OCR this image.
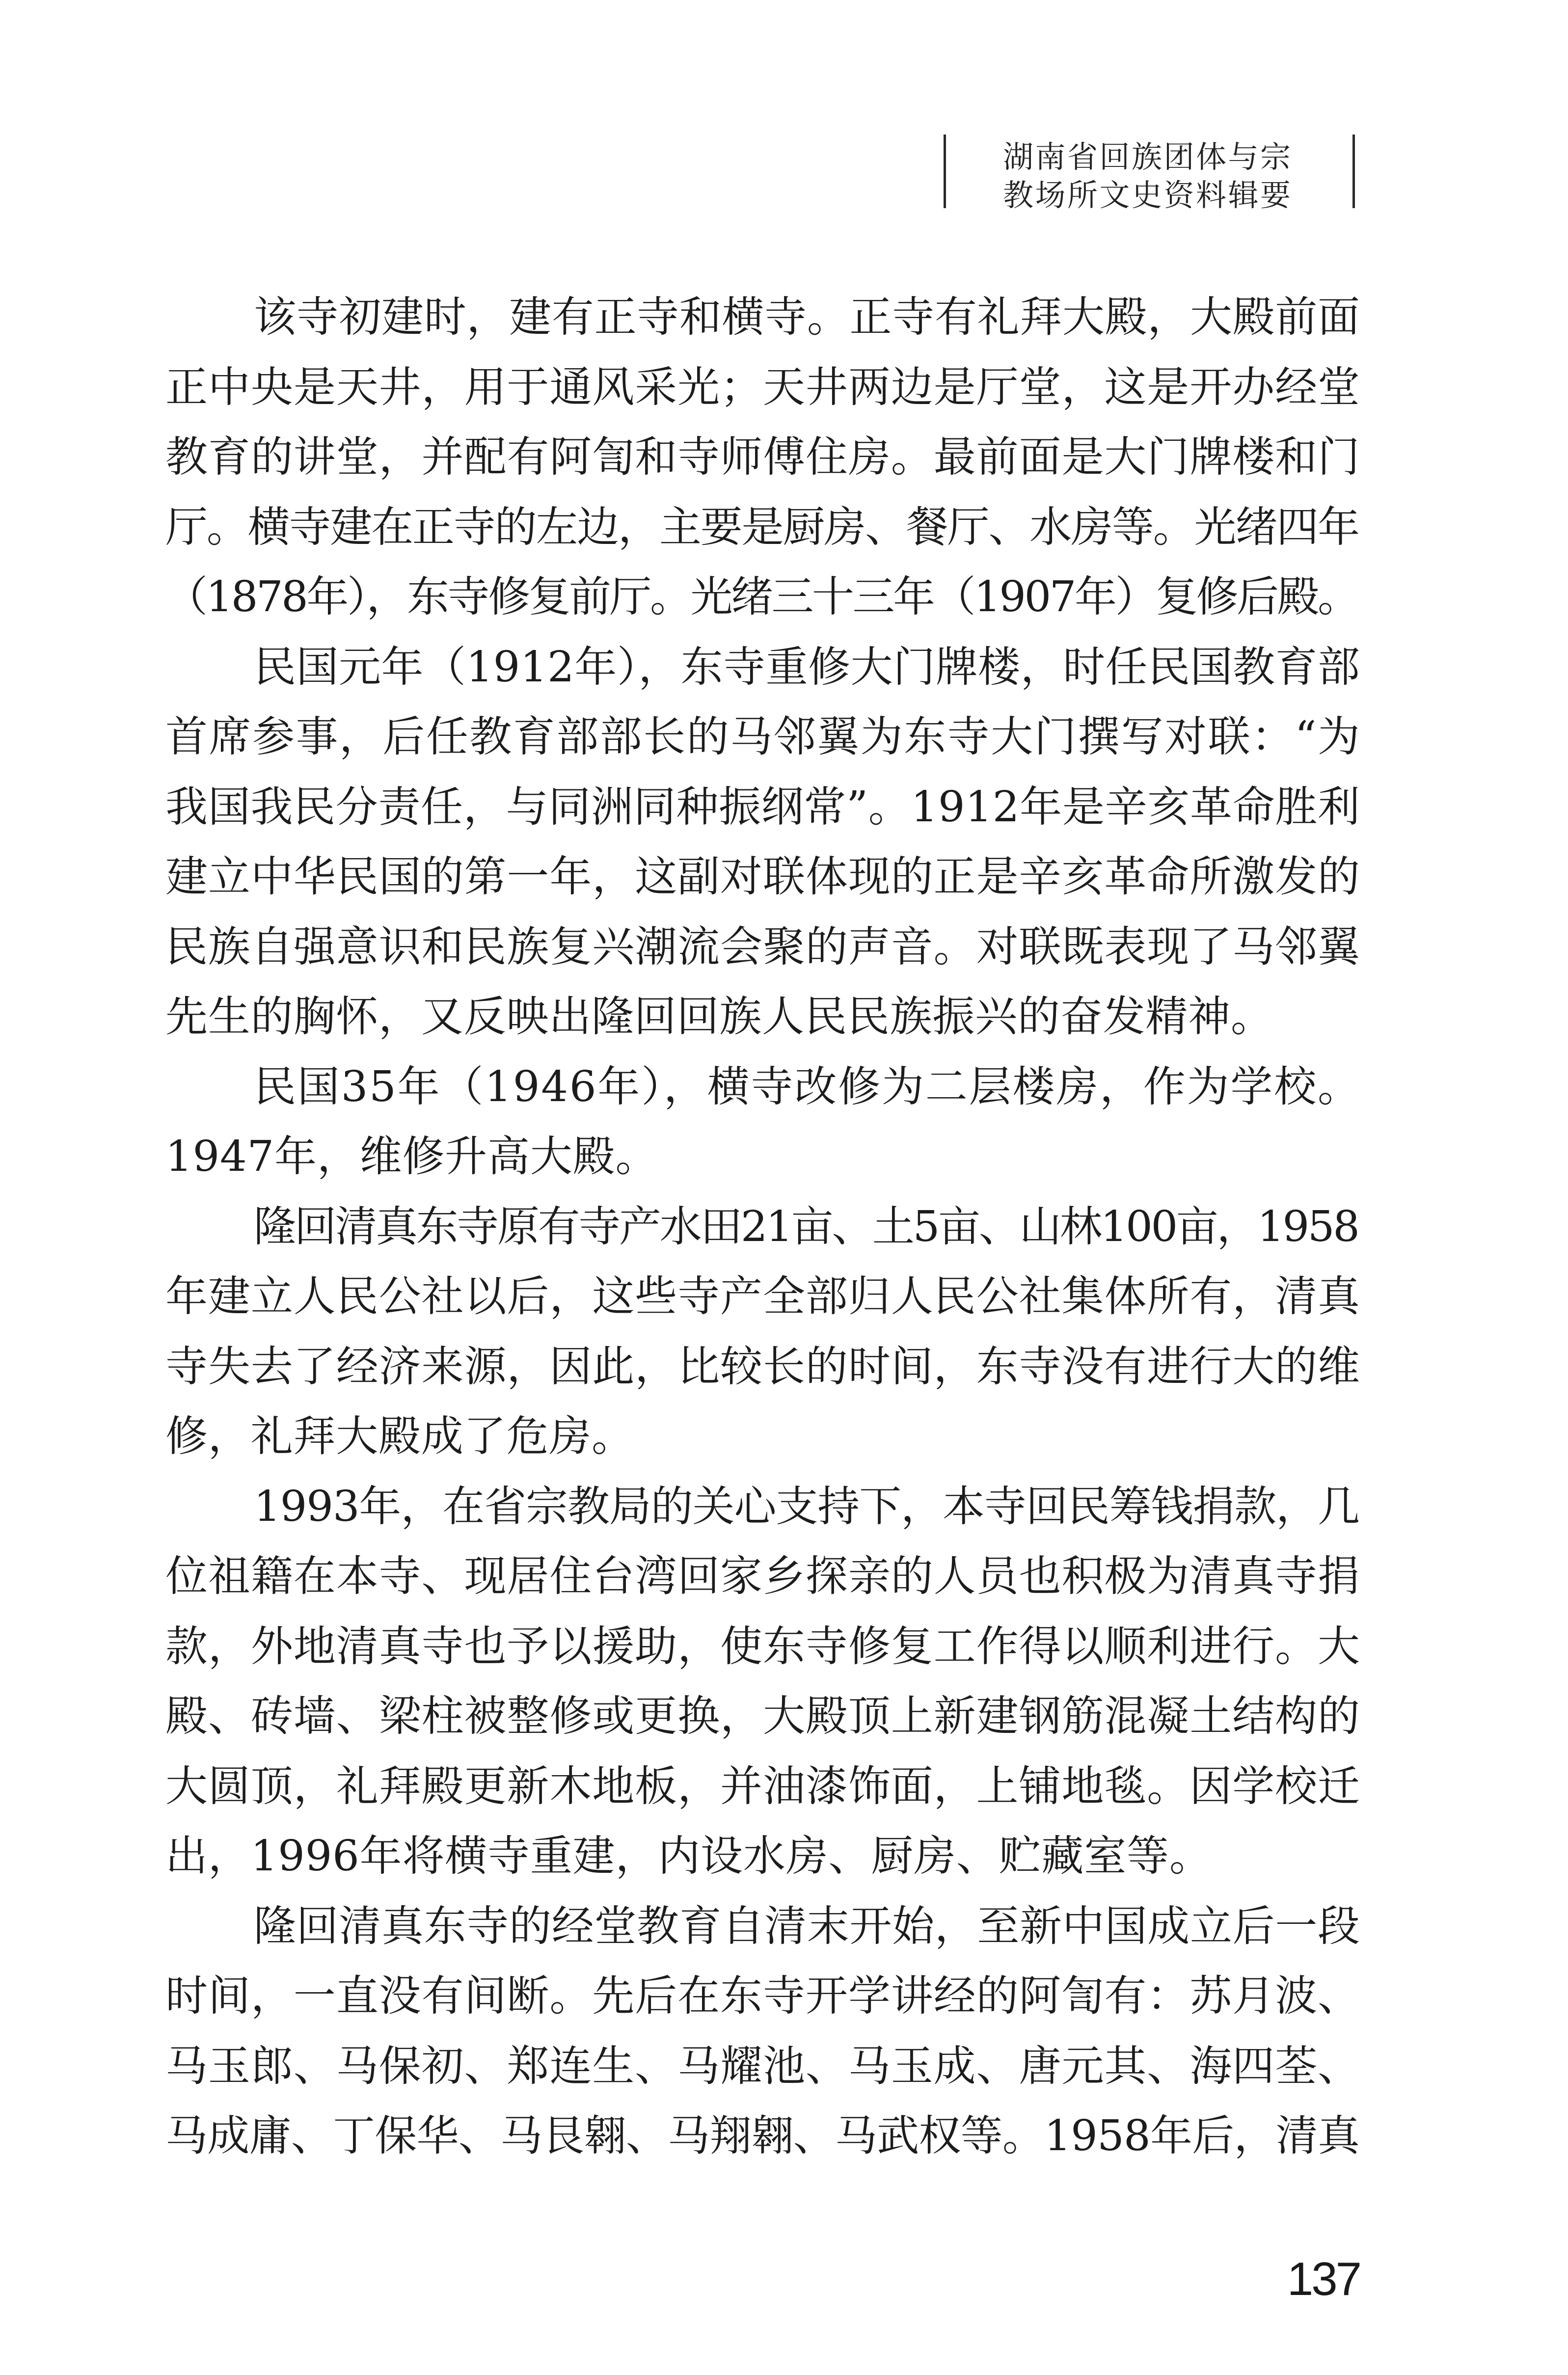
湖南省回族团体与宗
教场所文史资料辑要
该寺初建时，建有正寺和横寺。正寺有礼拜大殿，大殿前面
正中央是天井，用于通风采光；天井两边是厅堂，这是开办经堂
教育的讲堂，并配有阿訇和寺师傅住房。最前面是大门牌楼和门
厅。横寺建在正寺的左边，主要是厨房、餐厅、水房等。光绪四年
（1878年），东寺修复前厅。光绪三十三年（1907年）复修后殿。
民国元年（1912年），东寺重修大门牌楼，时任民国教育部
首席参事，后任教育部部长的马邻翼为东寺大门撰写对联：“为
我国我民分责任，与同洲同种振纲常”。1912年是辛亥革命胜利
建立中华民国的第一年，这副对联体现的正是辛亥革命所激发的
民族自强意识和民族复兴潮流会聚的声音。对联既表现了马邻翼
先生的胸怀，又反映出隆回回族人民民族振兴的奋发精神。
民国35年（1946年），横寺改修为二层楼房，作为学校。
1947年，维修升高大殿。
隆回清真东寺原有寺产水田21亩、土5亩、山林100亩，1958
年建立人民公社以后，这些寺产全部归人民公社集体所有，清真
寺失去了经济来源，因此，比较长的时间，东寺没有进行大的维
修，礼拜大殿成了危房。
1993年，在省宗教局的关心支持下，本寺回民筹钱捐款，几
位祖籍在本寺、现居住台湾回家乡探亲的人员也积极为清真寺捐
款，外地清真寺也予以援助，使东寺修复工作得以顺利进行。大
殿、砖墙、梁柱被整修或更换，大殿顶上新建钢筋混凝土结构的
大圆顶，礼拜殿更新木地板，并油漆饰面，上铺地毯。因学校迁
出，1996年将横寺重建，内设水房、厨房、贮藏室等。
隆回清真东寺的经堂教育自清末开始，至新中国成立后一段
时间，一直没有间断。先后在东寺开学讲经的阿訇有：苏月波、
马玉郎、马保初、郑连生、马耀池、马玉成、唐元其、海四荃、
马成庸、丁保华、马艮翱、马翔翱、马武权等。1958年后，清真
137
